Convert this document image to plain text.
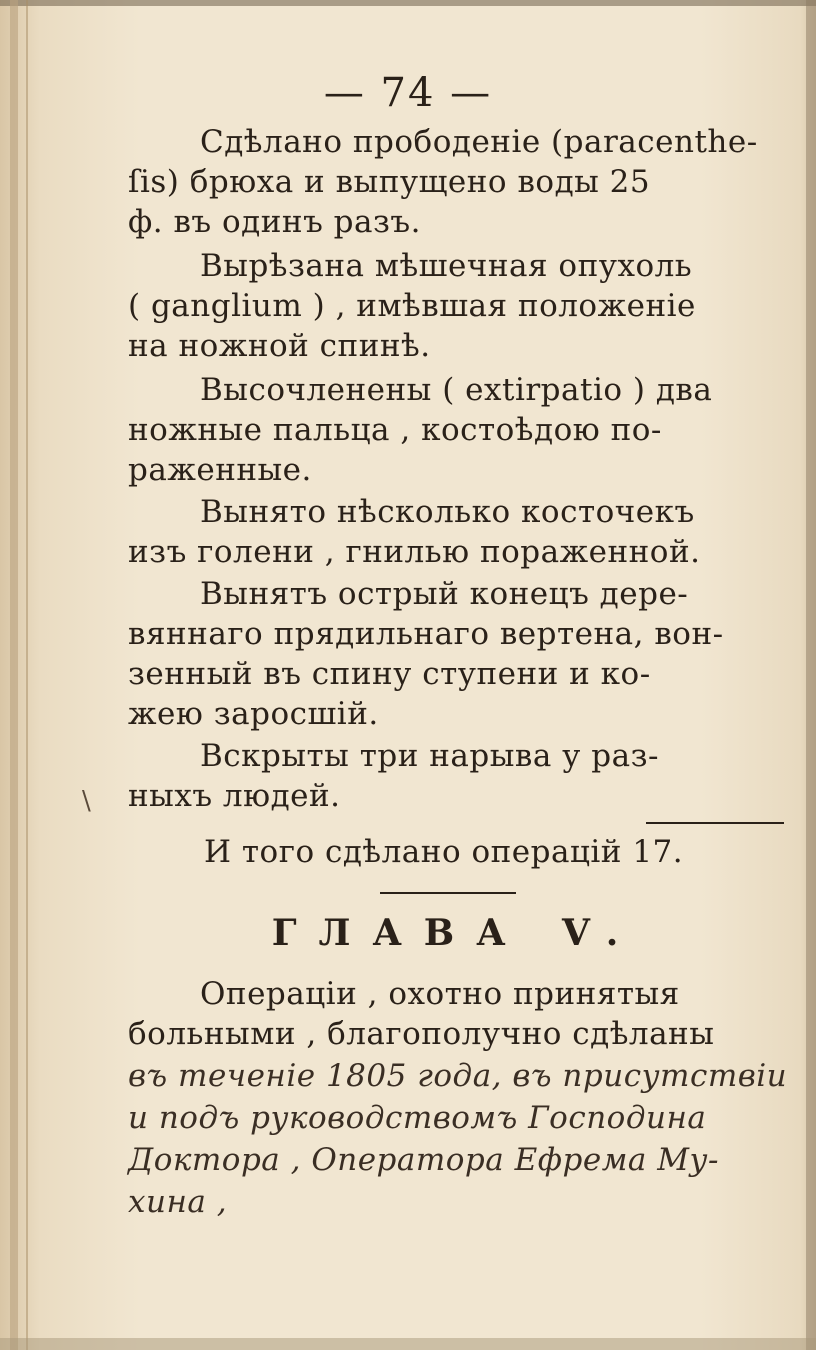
— 74 —
Сдѣлано прободеніе (paracenthe-
ſis) брюха и выпущено воды 25
ф. въ одинъ разъ.
Вырѣзана мѣшечная опухоль
( ganglium ) , имѣвшая положеніе
на ножной спинѣ.
Высочленены ( extirpatio ) два
ножные пальца , костоѣдою по-
раженные.
Вынято нѣсколько косточекъ
изъ голени , гнилью пораженной.
Вынятъ острый конецъ дере-
вяннаго прядильнаго вертена, вон-
зенный въ спину ступени и ко-
жею заросшій.
Вскрыты три нарыва у раз-
ныхъ людей.
И того сдѣлано операцій 17.
ГЛАВА V.
Операціи , охотно принятыя
больными , благополучно сдѣланы
въ теченіе 1805 года, въ присутствіи
и подъ руководствомъ Господина
Доктора , Оператора Ефрема Му-
хина ,
\
